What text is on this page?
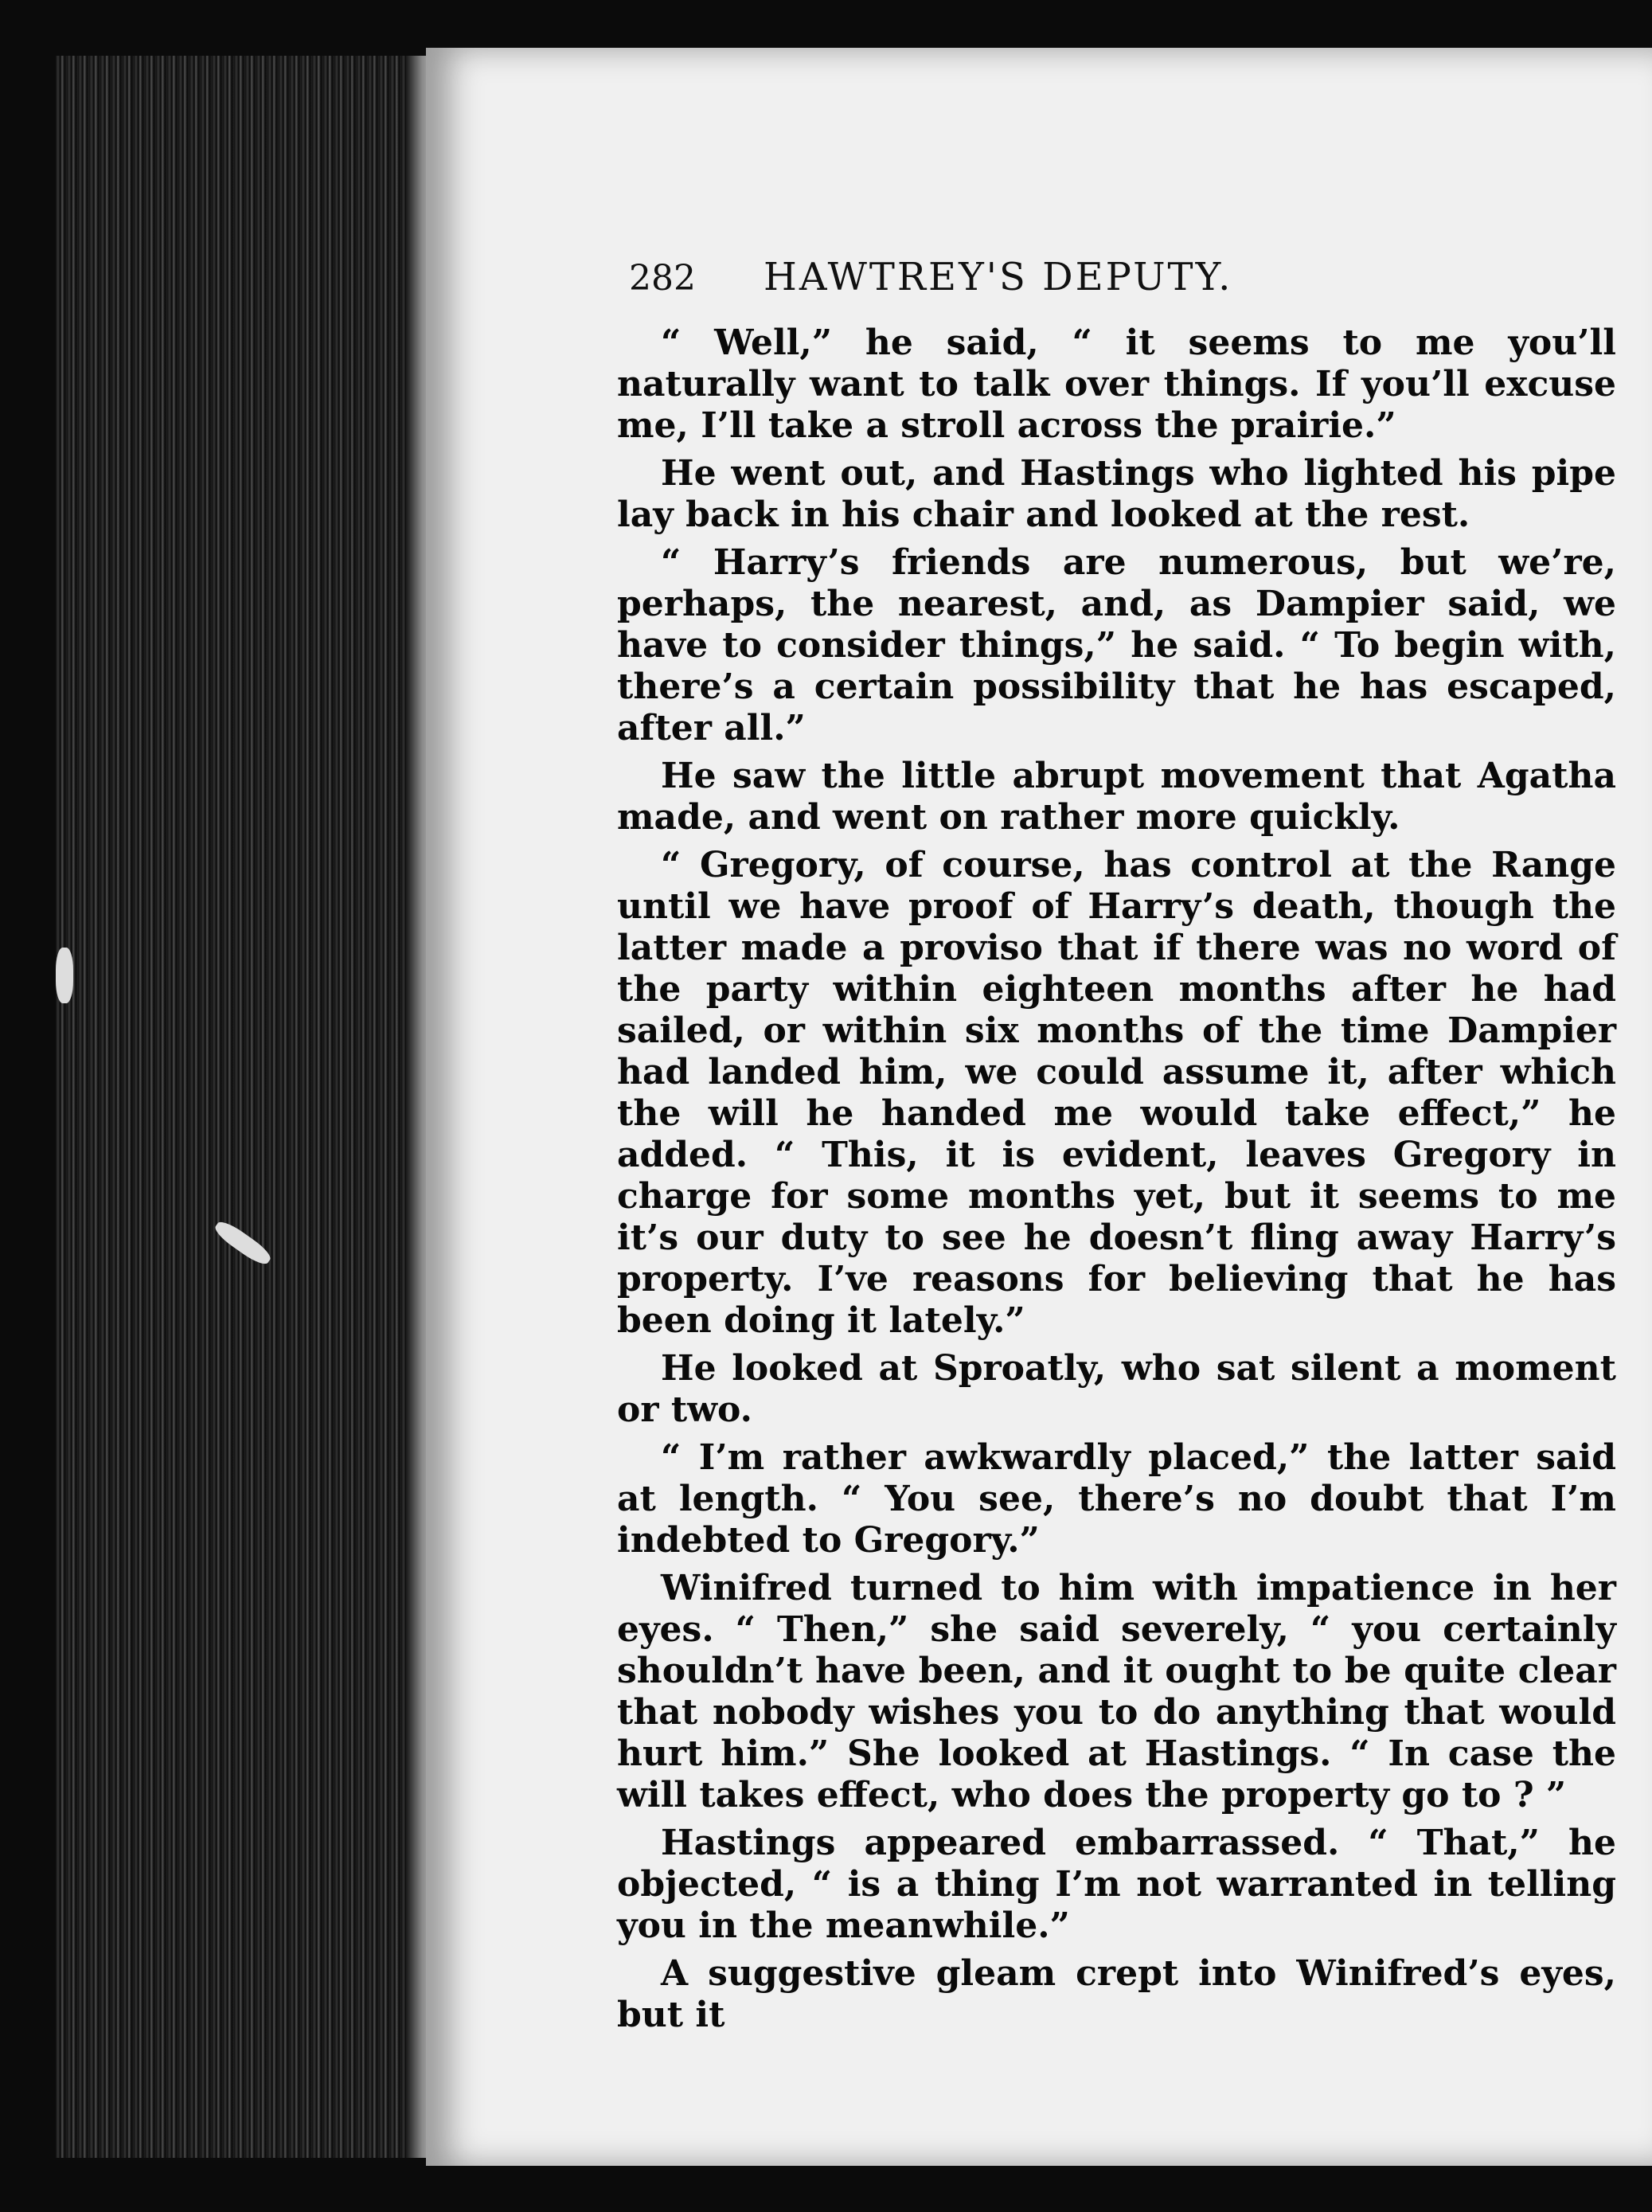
282 HAWTREY'S DEPUTY.

“ Well,” he said, “ it seems to me you’ll naturally want to talk over things. If you’ll excuse me, I’ll take a stroll across the prairie.”

He went out, and Hastings who lighted his pipe lay back in his chair and looked at the rest.

“ Harry’s friends are numerous, but we’re, perhaps, the nearest, and, as Dampier said, we have to consider things,” he said. “ To begin with, there’s a certain possibility that he has escaped, after all.”

He saw the little abrupt movement that Agatha made, and went on rather more quickly.

“ Gregory, of course, has control at the Range until we have proof of Harry’s death, though the latter made a proviso that if there was no word of the party within eighteen months after he had sailed, or within six months of the time Dampier had landed him, we could assume it, after which the will he handed me would take effect,” he added. “ This, it is evident, leaves Gregory in charge for some months yet, but it seems to me it’s our duty to see he doesn’t fling away Harry’s property. I’ve reasons for believing that he has been doing it lately.”

He looked at Sproatly, who sat silent a moment or two.

“ I’m rather awkwardly placed,” the latter said at length. “ You see, there’s no doubt that I’m indebted to Gregory.”

Winifred turned to him with impatience in her eyes. “ Then,” she said severely, “ you certainly shouldn’t have been, and it ought to be quite clear that nobody wishes you to do anything that would hurt him.” She looked at Hastings. “ In case the will takes effect, who does the property go to ? ”

Hastings appeared embarrassed. “ That,” he objected, “ is a thing I’m not warranted in telling you in the meanwhile.”

A suggestive gleam crept into Winifred’s eyes, but it
